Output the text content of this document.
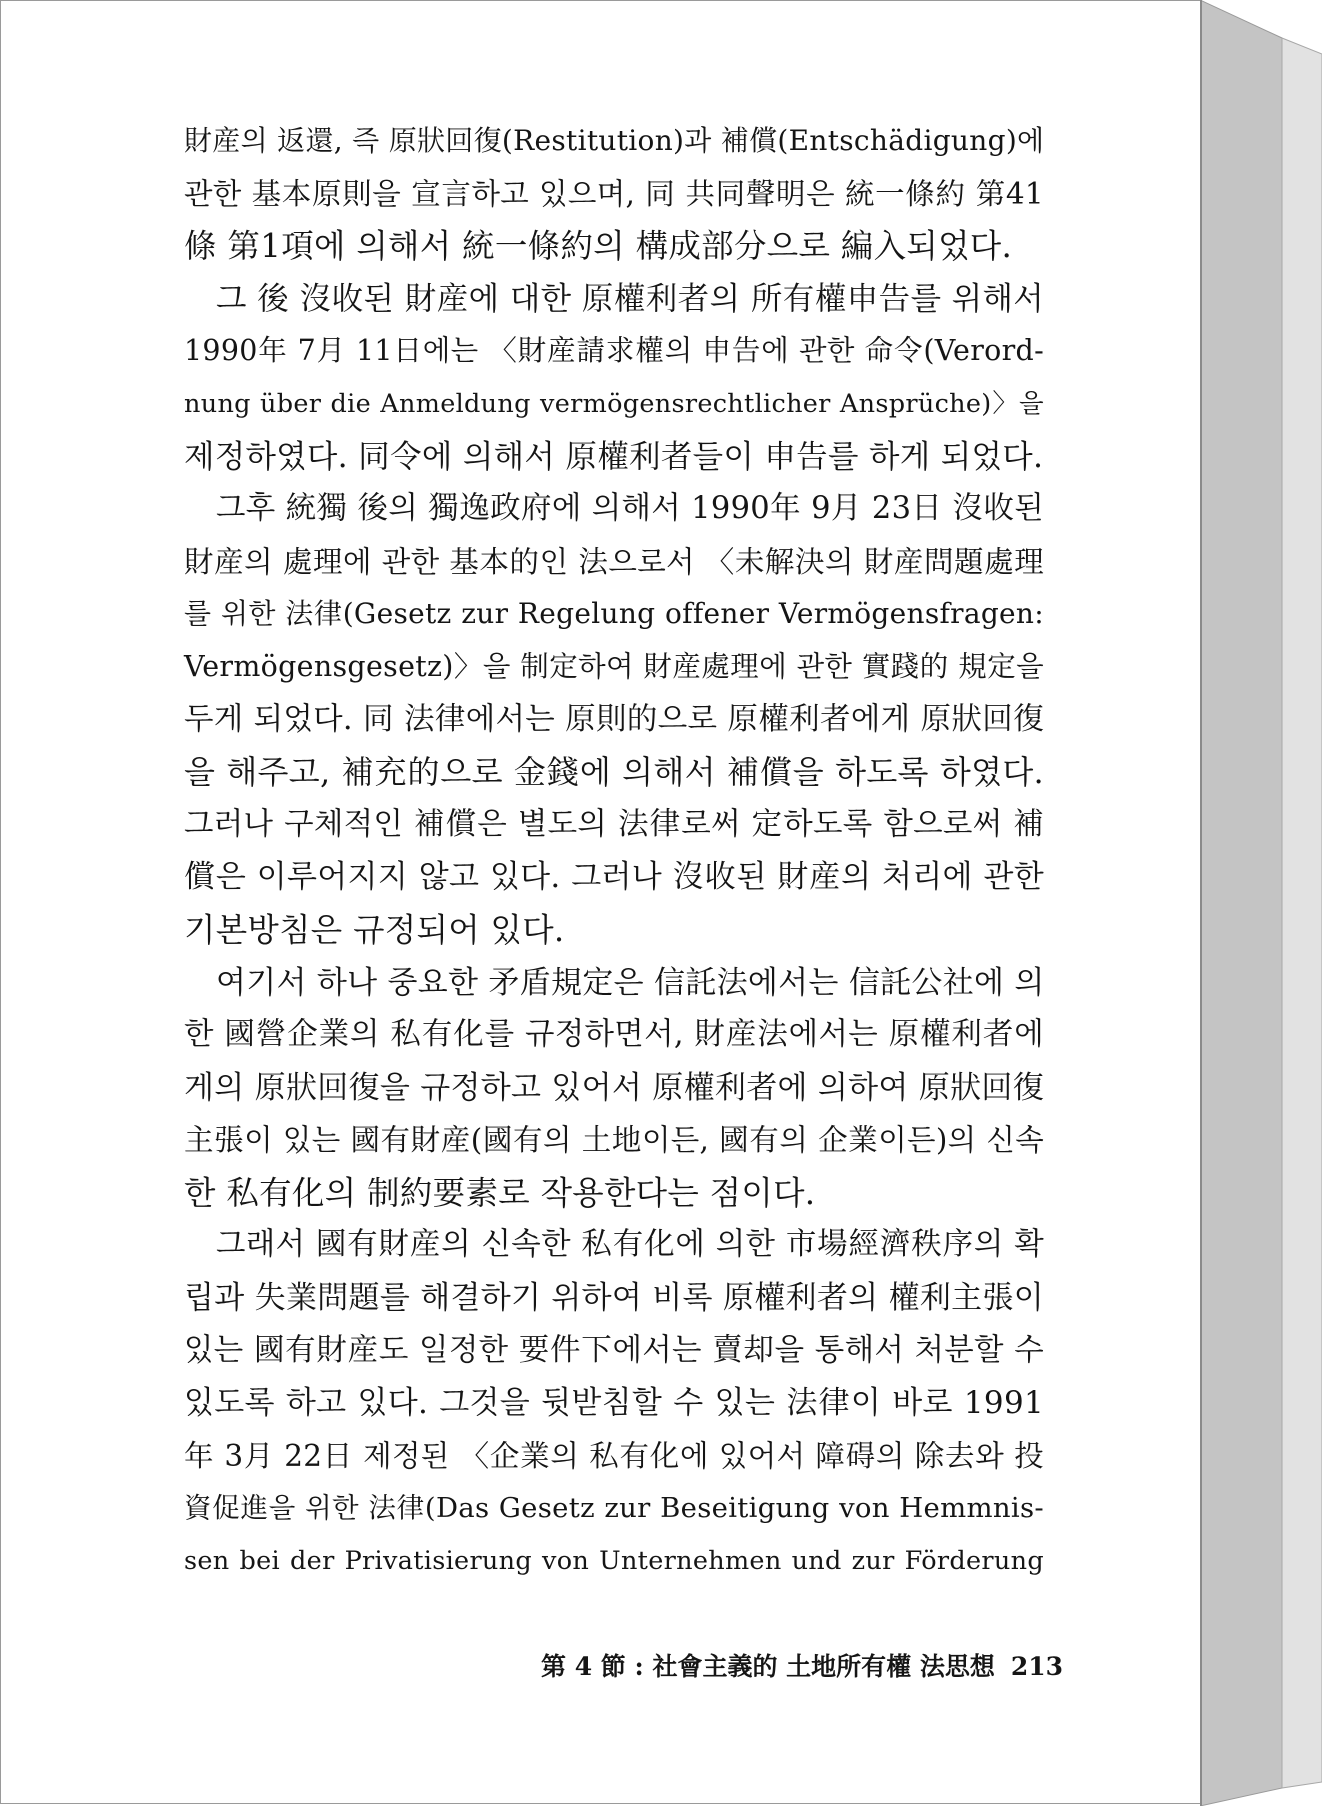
財産의 返還, 즉 原狀回復(Restitution)과 補償(Entschädigung)에
관한 基本原則을 宣言하고 있으며, 同 共同聲明은 統一條約 第41
條 第1項에 의해서 統一條約의 構成部分으로 編入되었다.
그 後 沒收된 財産에 대한 原權利者의 所有權申告를 위해서
1990年 7月 11日에는 〈財産請求權의 申告에 관한 命令(Verord-
nung über die Anmeldung vermögensrechtlicher Ansprüche)〉을
제정하였다. 同令에 의해서 原權利者들이 申告를 하게 되었다.
그후 統獨 後의 獨逸政府에 의해서 1990年 9月 23日 沒收된
財産의 處理에 관한 基本的인 法으로서 〈未解決의 財産問題處理
를 위한 法律(Gesetz zur Regelung offener Vermögensfragen:
Vermögensgesetz)〉을 制定하여 財産處理에 관한 實踐的 規定을
두게 되었다. 同 法律에서는 原則的으로 原權利者에게 原狀回復
을 해주고, 補充的으로 金錢에 의해서 補償을 하도록 하였다.
그러나 구체적인 補償은 별도의 法律로써 定하도록 함으로써 補
償은 이루어지지 않고 있다. 그러나 沒收된 財産의 처리에 관한
기본방침은 규정되어 있다.
여기서 하나 중요한 矛盾規定은 信託法에서는 信託公社에 의
한 國營企業의 私有化를 규정하면서, 財産法에서는 原權利者에
게의 原狀回復을 규정하고 있어서 原權利者에 의하여 原狀回復
主張이 있는 國有財産(國有의 土地이든, 國有의 企業이든)의 신속
한 私有化의 制約要素로 작용한다는 점이다.
그래서 國有財産의 신속한 私有化에 의한 市場經濟秩序의 확
립과 失業問題를 해결하기 위하여 비록 原權利者의 權利主張이
있는 國有財産도 일정한 要件下에서는 賣却을 통해서 처분할 수
있도록 하고 있다. 그것을 뒷받침할 수 있는 法律이 바로 1991
年 3月 22日 제정된 〈企業의 私有化에 있어서 障碍의 除去와 投
資促進을 위한 法律(Das Gesetz zur Beseitigung von Hemmnis-
sen bei der Privatisierung von Unternehmen und zur Förderung
第 4 節 : 社會主義的 土地所有權 法思想 213
